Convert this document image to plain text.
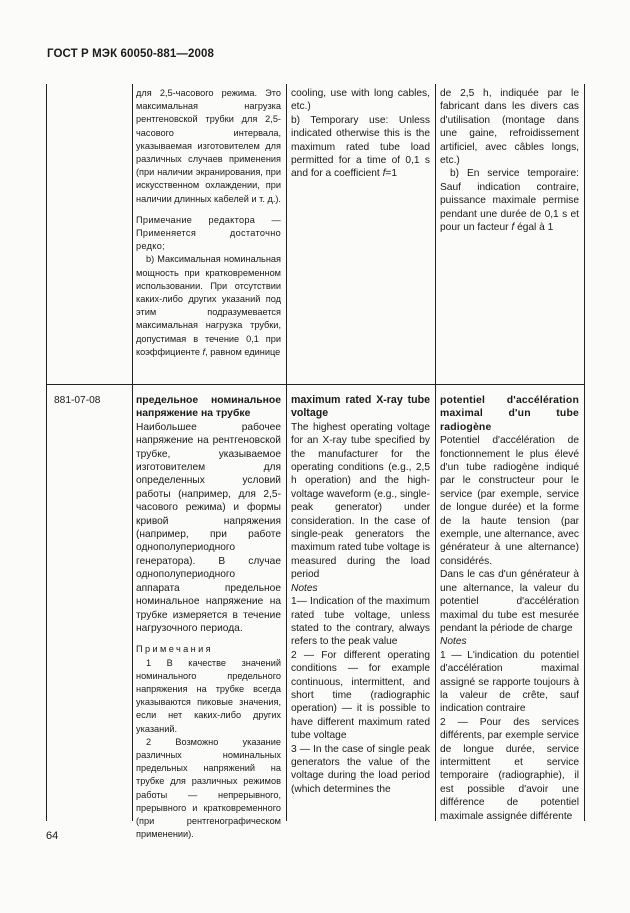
ГОСТ Р МЭК 60050-881—2008

для 2,5-часового режима. Это максимальная нагрузка рентгеновской трубки для 2,5-часового интервала, указываемая изготовителем для различных случаев применения (при наличии экранирования, при искусственном охлаждении, при наличии длинных кабелей и т. д.).

Примечание редактора — Применяется достаточно редко;

b) Максимальная номинальная мощность при кратковременном использовании. При отсутствии каких-либо других указаний под этим подразумевается максимальная нагрузка трубки, допустимая в течение 0,1 при коэффициенте f, равном единице

cooling, use with long cables, etc.)

b) Temporary use: Unless indicated otherwise this is the maximum rated tube load permitted for a time of 0,1 s and for a coefficient f=1

de 2,5 h, indiquée par le fabricant dans les divers cas d'utilisation (montage dans une gaine, refroidissement artificiel, avec câbles longs, etc.)

b) En service temporaire: Sauf indication contraire, puissance maximale permise pendant une durée de 0,1 s et pour un facteur f égal à 1

881-07-08	предельное номинальное напряжение на трубке

Наибольшее рабочее напряжение на рентгеновской трубке, указываемое изготовителем для определенных условий работы (например, для 2,5-часового режима) и формы кривой напряжения (например, при работе однополупериодного генератора). В случае однополупериодного аппарата предельное номинальное напряжение на трубке измеряется в течение нагрузочного периода.

Примечания

1 В качестве значений номинального предельного напряжения на трубке всегда указываются пиковые значения, если нет каких-либо других указаний.

2 Возможно указание различных номинальных предельных напряжений на трубке для различных режимов работы — непрерывного, прерывного и кратковременного (при рентгенографическом применении).

maximum rated X-ray tube voltage

The highest operating voltage for an X-ray tube specified by the manufacturer for the operating conditions (e.g., 2,5 h operation) and the high-voltage waveform (e.g., single-peak generator) under consideration. In the case of single-peak generators the maximum rated tube voltage is measured during the load period

Notes

1— Indication of the maximum rated tube voltage, unless stated to the contrary, always refers to the peak value

2 — For different operating conditions — for example continuous, intermittent, and short time (radiographic operation) — it is possible to have different maximum rated tube voltage

3 — In the case of single peak generators the value of the voltage during the load period (which determines the

potentiel d'accélération maximal d'un tube radiogène

Potentiel d'accélération de fonctionnement le plus élevé d'un tube radiogène indiqué par le constructeur pour le service (par exemple, service de longue durée) et la forme de la haute tension (par exemple, une alternance, avec générateur à une alternance) considérés.

Dans le cas d'un générateur à une alternance, la valeur du potentiel d'accélération maximal du tube est mesurée pendant la période de charge

Notes

1 — L'indication du potentiel d'accélération maximal assigné se rapporte toujours à la valeur de crête, sauf indication contraire

2 — Pour des services différents, par exemple service de longue durée, service intermittent et service temporaire (radiographie), il est possible d'avoir une différence de potentiel maximale assignée différente

64
